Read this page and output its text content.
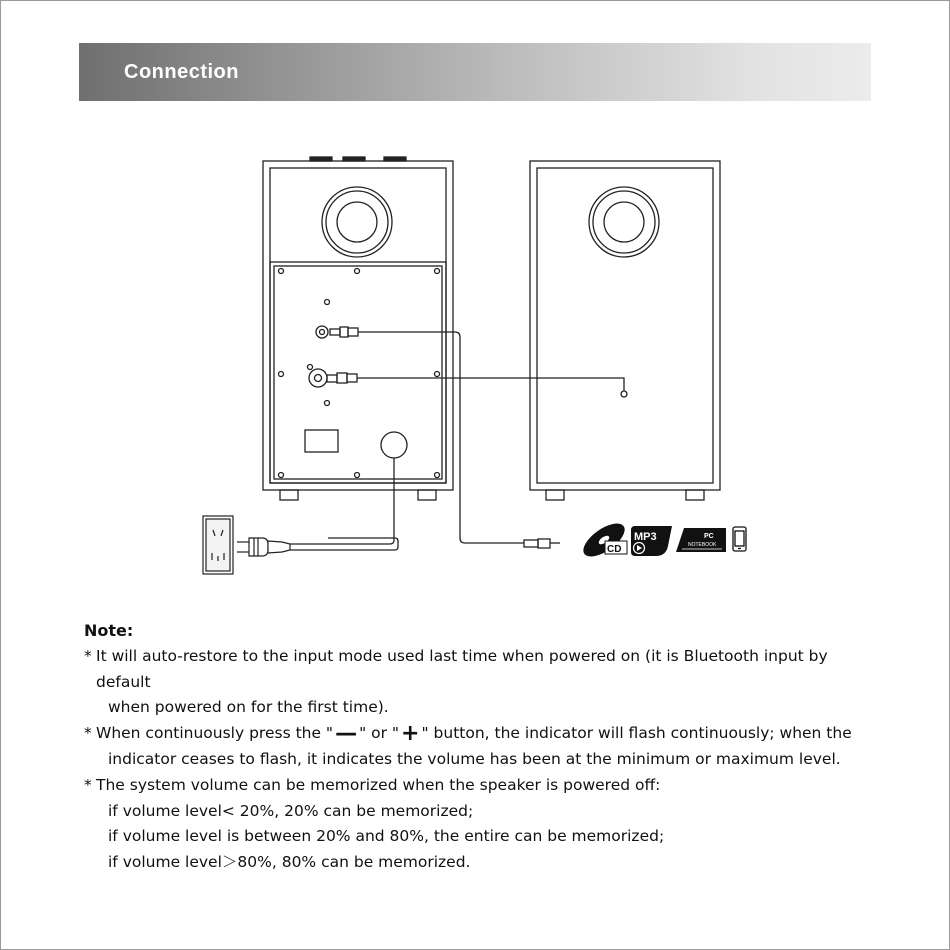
Connection
CD
MP3	PC
NOTEBOOK
Note:
* It will auto-restore to the input mode used last time when powered on (it is Bluetooth input by default
when powered on for the first time).
* When continuously press the "— " or "+ " button, the indicator will flash continuously; when the
indicator ceases to flash, it indicates the volume has been at the minimum or maximum level.
* The system volume can be memorized when the speaker is powered off:
if volume level< 20%, 20% can be memorized;
if volume level is between 20% and 80%, the entire can be memorized;
if volume level＞80%, 80% can be memorized.
